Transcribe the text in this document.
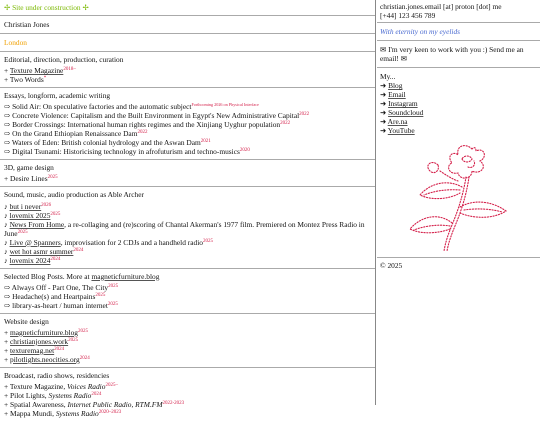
✢ Site under construction ✢
Christian Jones
London
Editorial, direction, production, curation
+ Texture Magazine$^{2018-}$
+ Two Words*
Essays, longform, academic writing
⇨ Solid Air: On speculative factories and the automatic subject$^{Forthcoming 2026 on Physical Interface}$
⇨ Concrete Violence: Capitalism and the Built Environment in Egypt's New Administrative Capital$^{2022}$
⇨ Border Crossings: International human rights regimes and the Xinjiang Uyghur population$^{2022}$
⇨ On the Grand Ethiopian Renaissance Dam$^{2022}$
⇨ Waters of Eden: British colonial hydrology and the Aswan Dam$^{2021}$
⇨ Digital Tsunami: Historicising technology in afrofuturism and techno-musics$^{2020}$
3D, game design
+ Desire Lines$^{2025}$
Sound, music, audio production as Able Archer
♪ but i never$^{2026}$
♪ lovemix $2025^{2025}$
♪ News From Home, a re-collaging and (re)scoring of Chantal Akerman's 1977 film. Premiered on Montez Press Radio in June$^{2025}$
♪ Live @ Spanners, improvisation for 2 CDJs and a handheld radio$^{2025}$
♪ wet hot asmr summer$^{2024}$
♪ lovemix $2024^{2024}$
Selected Blog Posts. More at magneticfurniture.blog
⇨ Always Off - Part One, The City$^{2025}$
⇨ Headache(s) and Heartpains$^{2025}$
⇨ library-as-heart / human internet$^{2025}$
Website design
+ magneticfurniture.blog$^{2025}$
+ christianjones.work$^{2025}$
+ texturemag.net$^{2024}$
+ pilotlights.neocities.org$^{2024}$
Broadcast, radio shows, residencies
+ Texture Magazine, Voices Radio$^{2025-}$
+ Pilot Lights, Systems Radio$^{2024}$
+ Spatial Awareness, Internet Public Radio, $RTM.FM^{2022-2023}$
+ Mappa Mundi, Systems Radio$^{2020-2023}$
christian.jones.email [at] proton [dot] me
[+44] 123 456 789
With eternity on my eyelids
✉ I'm very keen to work with you :) Send me an email! ✉
My...
➜ Blog
➜ Email
➜ Instagram
➜ Soundcloud
➜ Are.na
➜ YouTube
© 2025
